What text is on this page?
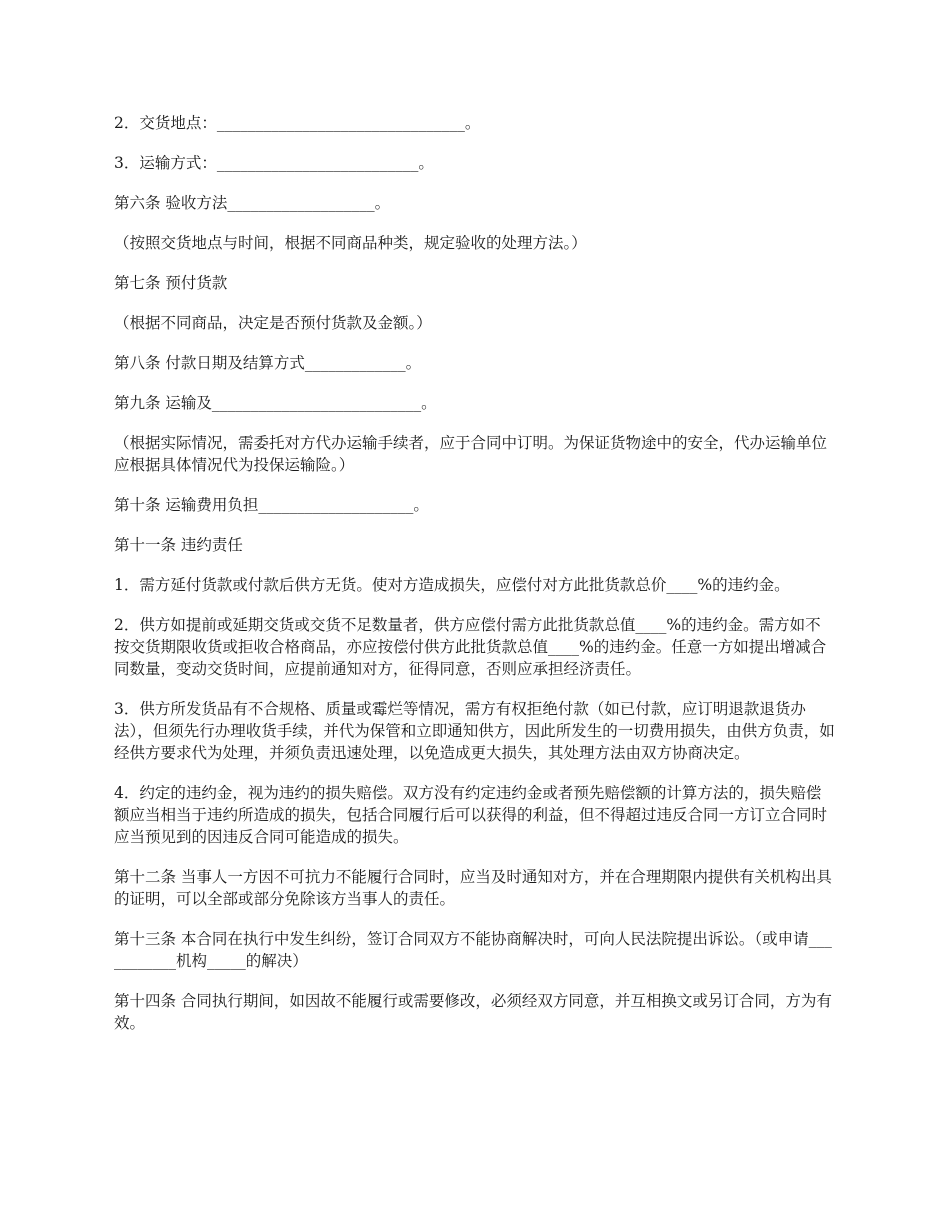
2．交货地点：________________________________。

3．运输方式：__________________________。

第六条 验收方法___________________。

（按照交货地点与时间，根据不同商品种类，规定验收的处理方法。）

第七条 预付货款

（根据不同商品，决定是否预付货款及金额。）

第八条 付款日期及结算方式_____________。

第九条 运输及___________________________。

（根据实际情况，需委托对方代办运输手续者，应于合同中订明。为保证货物途中的安全，代办运输单位应根据具体情况代为投保运输险。）

第十条 运输费用负担____________________。

第十一条 违约责任

1．需方延付货款或付款后供方无货。使对方造成损失，应偿付对方此批货款总价____%的违约金。

2．供方如提前或延期交货或交货不足数量者，供方应偿付需方此批货款总值____%的违约金。需方如不按交货期限收货或拒收合格商品，亦应按偿付供方此批货款总值____%的违约金。任意一方如提出增减合同数量，变动交货时间，应提前通知对方，征得同意，否则应承担经济责任。

3．供方所发货品有不合规格、质量或霉烂等情况，需方有权拒绝付款（如已付款，应订明退款退货办法），但须先行办理收货手续，并代为保管和立即通知供方，因此所发生的一切费用损失，由供方负责，如经供方要求代为处理，并须负责迅速处理，以免造成更大损失，其处理方法由双方协商决定。

4．约定的违约金，视为违约的损失赔偿。双方没有约定违约金或者预先赔偿额的计算方法的，损失赔偿额应当相当于违约所造成的损失，包括合同履行后可以获得的利益，但不得超过违反合同一方订立合同时应当预见到的因违反合同可能造成的损失。

第十二条 当事人一方因不可抗力不能履行合同时，应当及时通知对方，并在合理期限内提供有关机构出具的证明，可以全部或部分免除该方当事人的责任。

第十三条 本合同在执行中发生纠纷，签订合同双方不能协商解决时，可向人民法院提出诉讼。（或申请___________机构_____的解决）

第十四条 合同执行期间，如因故不能履行或需要修改，必须经双方同意，并互相换文或另订合同，方为有效。
